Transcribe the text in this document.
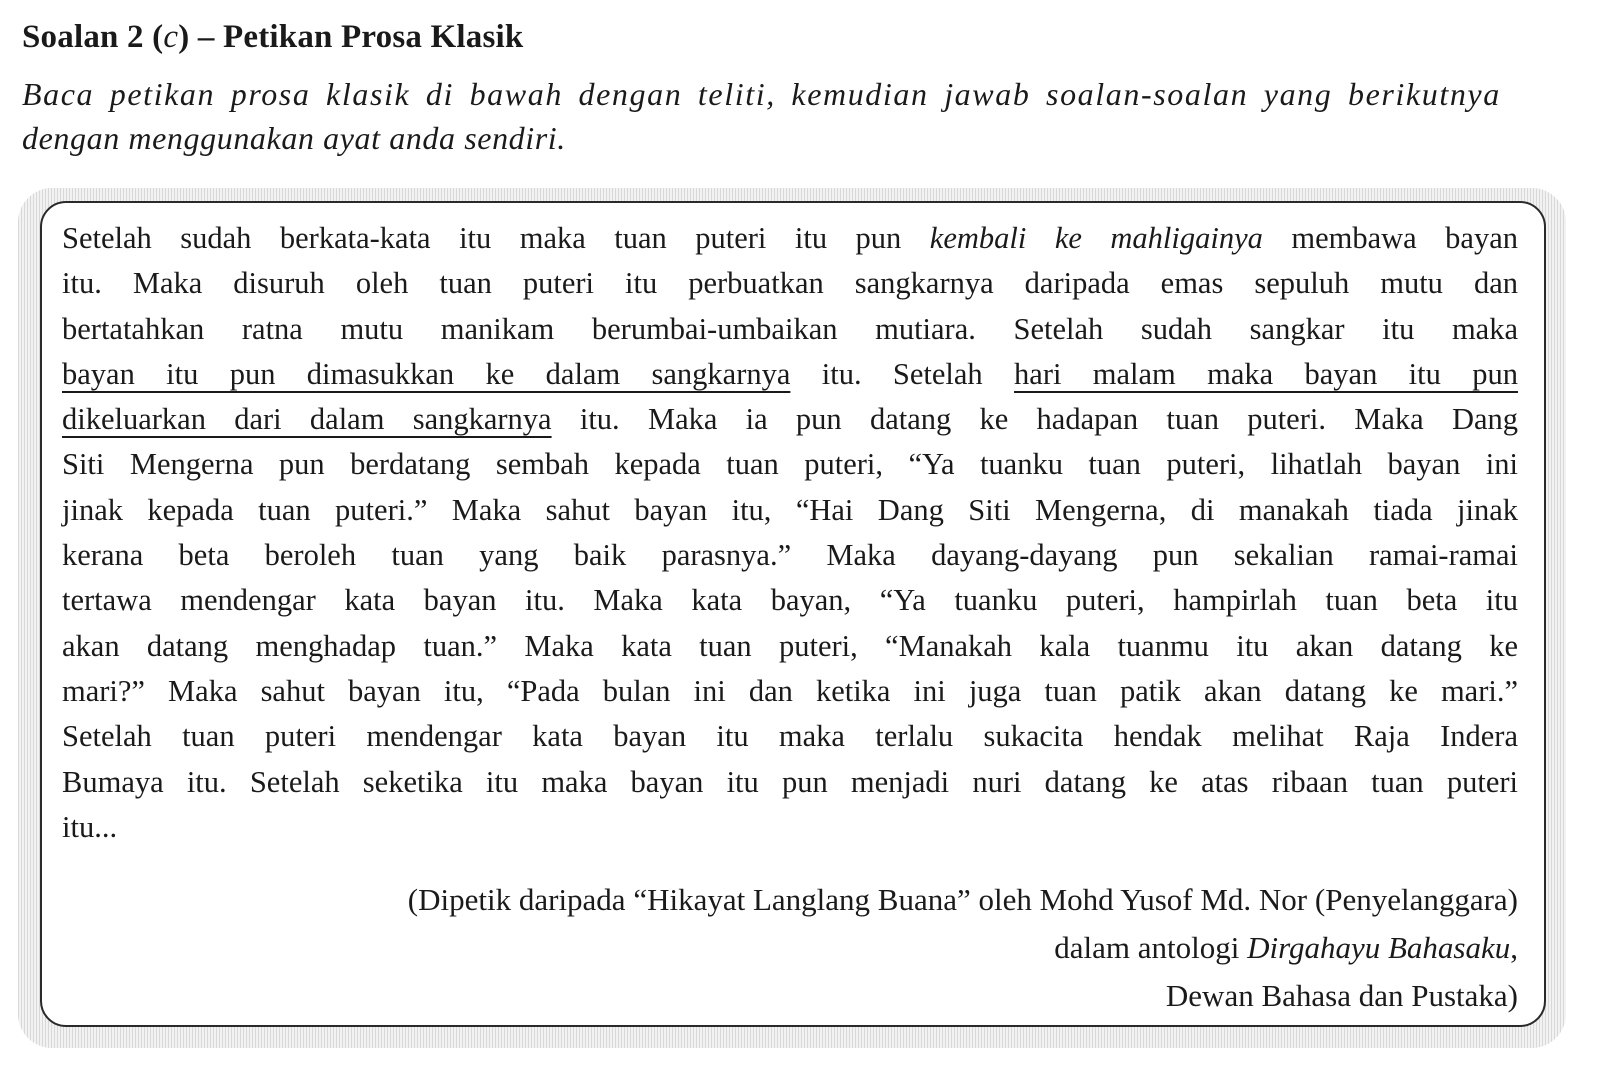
Soalan 2 (c) – Petikan Prosa Klasik
Baca petikan prosa klasik di bawah dengan teliti, kemudian jawab soalan-soalan yang berikutnya
dengan menggunakan ayat anda sendiri.
Setelah sudah berkata-kata itu maka tuan puteri itu pun kembali ke mahligainya membawa bayan
itu. Maka disuruh oleh tuan puteri itu perbuatkan sangkarnya daripada emas sepuluh mutu dan
bertatahkan ratna mutu manikam berumbai-umbaikan mutiara. Setelah sudah sangkar itu maka
bayan itu pun dimasukkan ke dalam sangkarnya itu. Setelah hari malam maka bayan itu pun
dikeluarkan dari dalam sangkarnya itu. Maka ia pun datang ke hadapan tuan puteri. Maka Dang
Siti Mengerna pun berdatang sembah kepada tuan puteri, “Ya tuanku tuan puteri, lihatlah bayan ini
jinak kepada tuan puteri.” Maka sahut bayan itu, “Hai Dang Siti Mengerna, di manakah tiada jinak
kerana beta beroleh tuan yang baik parasnya.” Maka dayang-dayang pun sekalian ramai-ramai
tertawa mendengar kata bayan itu. Maka kata bayan, “Ya tuanku puteri, hampirlah tuan beta itu
akan datang menghadap tuan.” Maka kata tuan puteri, “Manakah kala tuanmu itu akan datang ke
mari?” Maka sahut bayan itu, “Pada bulan ini dan ketika ini juga tuan patik akan datang ke mari.”
Setelah tuan puteri mendengar kata bayan itu maka terlalu sukacita hendak melihat Raja Indera
Bumaya itu. Setelah seketika itu maka bayan itu pun menjadi nuri datang ke atas ribaan tuan puteri
itu...
(Dipetik daripada “Hikayat Langlang Buana” oleh Mohd Yusof Md. Nor (Penyelanggara)
dalam antologi Dirgahayu Bahasaku,
Dewan Bahasa dan Pustaka)
